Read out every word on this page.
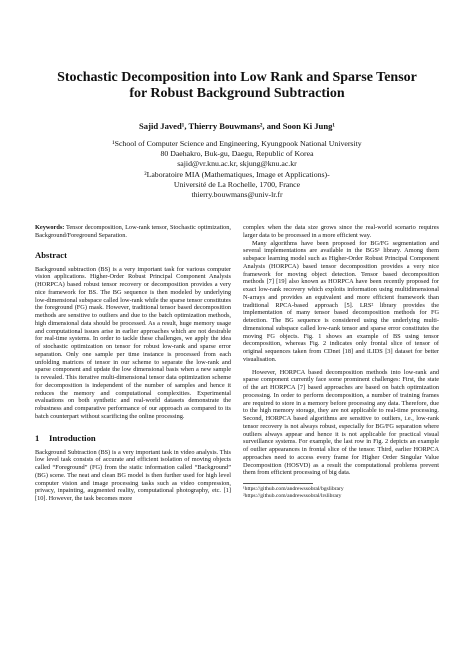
Stochastic Decomposition into Low Rank and Sparse Tensor
for Robust Background Subtraction
Sajid Javed¹, Thierry Bouwmans², and Soon Ki Jung¹
¹School of Computer Science and Engineering, Kyungpook National University
80 Daehakro, Buk-gu, Daegu, Republic of Korea
sajid@vr.knu.ac.kr, skjung@knu.ac.kr
²Laboratoire MIA (Mathematiques, Image et Applications)-
Université de La Rochelle, 1700, France
thierry.bouwmans@univ-lr.fr

Keywords: Tensor decomposition, Low-rank tensor, Stochastic optimization, Background/Foreground Separation.

Abstract

Background subtraction (BS) is a very important task for various computer vision applications. Higher-Order Robust Principal Component Analysis (HORPCA) based robust tensor recovery or decomposition provides a very nice framework for BS. The BG sequence is then modeled by underlying low-dimensional subspace called low-rank while the sparse tensor constitutes the foreground (FG) mask. However, traditional tensor based decomposition methods are sensitive to outliers and due to the batch optimization methods, high dimensional data should be processed. As a result, huge memory usage and computational issues arise in earlier approaches which are not desirable for real-time systems. In order to tackle these challenges, we apply the idea of stochastic optimization on tensor for robust low-rank and sparse error separation. Only one sample per time instance is processed from each unfolding matrices of tensor in our scheme to separate the low-rank and sparse component and update the low dimensional basis when a new sample is revealed. This iterative multi-dimensional tensor data optimization scheme for decomposition is independent of the number of samples and hence it reduces the memory and computational complexities. Experimental evaluations on both synthetic and real-world datasets demonstrate the robustness and comparative performance of our approach as compared to its batch counterpart without scarificing the online processing.

1 Introduction

Background Subtraction (BS) is a very important task in video analysis. This low level task consists of accurate and efficient isolation of moving objects called “Foreground” (FG) from the static information called “Background” (BG) scene. The neat and clean BG model is then further used for high level computer vision and image processing tasks such as video compression, privacy, inpainting, augmented reality, computational photography, etc. [1] [10]. However, the task becomes more

complex when the data size grows since the real-world scenario requires larger data to be processed in a more efficient way.

Many algorithms have been proposed for BG/FG segmentation and several implementations are available in the BGS¹ library. Among them subspace learning model such as Higher-Order Robust Principal Component Analysis (HORPCA) based tensor decomposition provides a very nice framework for moving object detection. Tensor based decomposition methods [7] [19] also known as HORPCA have been recently proposed for exact low-rank recovery which exploits information using multidimensional N-arrays and provides an equivalent and more efficient framework than traditional RPCA-based approach [5]. LRS² library provides the implementation of many tensor based decomposition methods for FG detection. The BG sequence is considered using the underlying multi-dimensional subspace called low-rank tensor and sparse error constitutes the moving FG objects. Fig. 1 shows an example of BS using tensor decomposition, whereas Fig. 2 indicates only frontal slice of tensor of original sequences taken from CDnet [18] and iLIDS [3] dataset for better visualisation.

However, HORPCA based decomposition methods into low-rank and sparse component currently face some prominent challenges: First, the state of the art HORPCA [7] based approaches are based on batch optimization processing. In order to perform decomposition, a number of training frames are required to store in a memory before processing any data. Therefore, due to the high memory storage, they are not applicable to real-time processing. Second, HORPCA based algorithms are sensitive to outliers, i.e., low-rank tensor recovery is not always robust, especially for BG/FG separation where outliers always appear and hence it is not applicable for practical visual surveillance systems. For example, the last row in Fig. 2 depicts an example of outlier appearances in frontal slice of the tensor. Third, earlier HORPCA approaches need to access every frame for Higher Order Singular Value Decomposition (HOSVD) as a result the computational problems prevent them from efficient processing of big data.

¹https://github.com/andrewssobral/bgslibrary
²https://github.com/andrewssobral/lrslibrary
